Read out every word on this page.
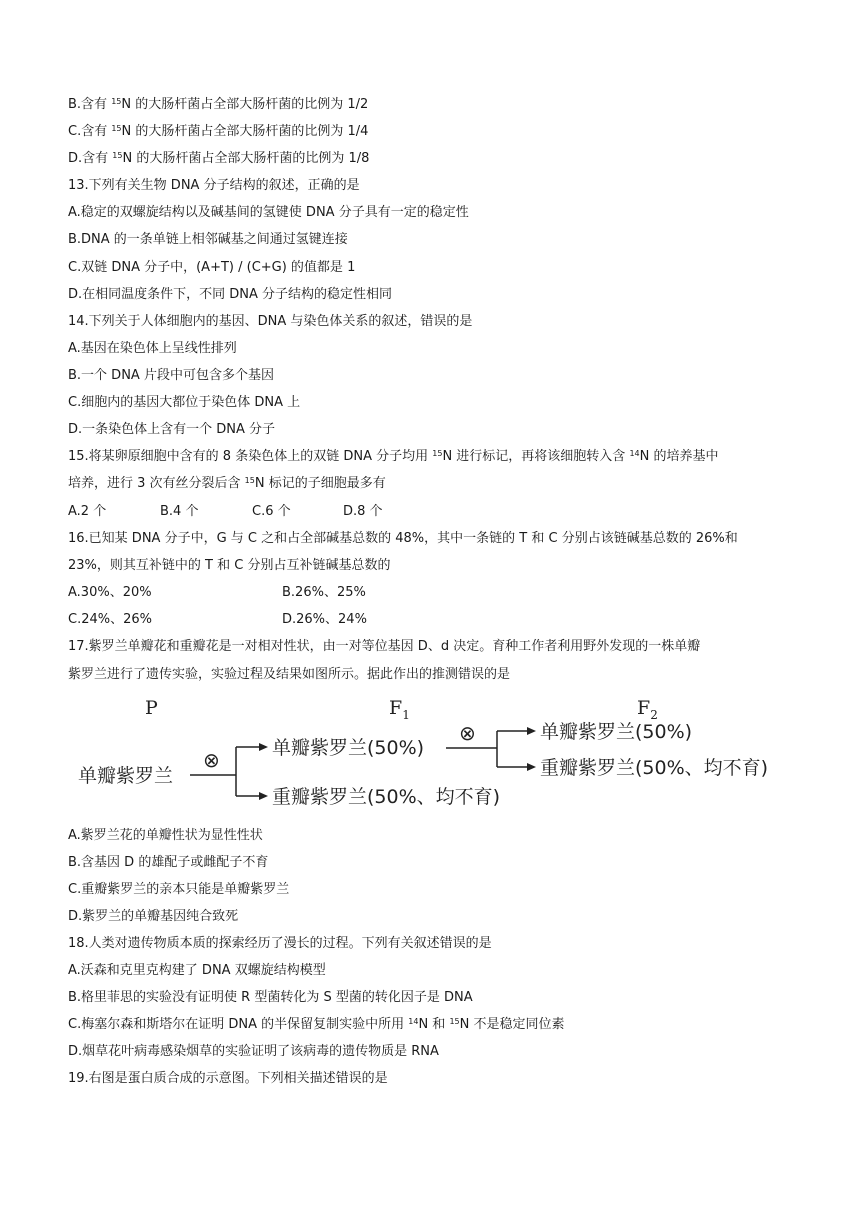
B.含有 $^{15}$N 的大肠杆菌占全部大肠杆菌的比例为 1/2
C.含有 $^{15}$N 的大肠杆菌占全部大肠杆菌的比例为 1/4
D.含有 $^{15}$N 的大肠杆菌占全部大肠杆菌的比例为 1/8
13.下列有关生物 DNA 分子结构的叙述，正确的是
A.稳定的双螺旋结构以及碱基间的氢键使 DNA 分子具有一定的稳定性
B.DNA 的一条单链上相邻碱基之间通过氢键连接
C.双链 DNA 分子中，(A+T) / (C+G) 的值都是 1
D.在相同温度条件下，不同 DNA 分子结构的稳定性相同
14.下列关于人体细胞内的基因、DNA 与染色体关系的叙述，错误的是
A.基因在染色体上呈线性排列
B.一个 DNA 片段中可包含多个基因
C.细胞内的基因大都位于染色体 DNA 上
D.一条染色体上含有一个 DNA 分子
15.将某卵原细胞中含有的 8 条染色体上的双链 DNA 分子均用 $^{15}$N 进行标记，再将该细胞转入含 $^{14}$N 的培养基中
培养，进行 3 次有丝分裂后含 $^{15}$N 标记的子细胞最多有
A.2 个	B.4 个	C.6 个	D.8 个
16.已知某 DNA 分子中，G 与 C 之和占全部碱基总数的 48%，其中一条链的 T 和 C 分别占该链碱基总数的 26%和
23%，则其互补链中的 T 和 C 分别占互补链碱基总数的
A.30%、20%	B.26%、25%
C.24%、26%	D.26%、24%
17.紫罗兰单瓣花和重瓣花是一对相对性状，由一对等位基因 D、d 决定。育种工作者利用野外发现的一株单瓣
紫罗兰进行了遗传实验，实验过程及结果如图所示。据此作出的推测错误的是
P	$F_1$	$F_2$
单瓣紫罗兰
⊗	单瓣紫罗兰(50%)
重瓣紫罗兰(50%、均不育)
⊗	单瓣紫罗兰(50%)
重瓣紫罗兰(50%、均不育)
A.紫罗兰花的单瓣性状为显性性状
B.含基因 D 的雄配子或雌配子不育
C.重瓣紫罗兰的亲本只能是单瓣紫罗兰
D.紫罗兰的单瓣基因纯合致死
18.人类对遗传物质本质的探索经历了漫长的过程。下列有关叙述错误的是
A.沃森和克里克构建了 DNA 双螺旋结构模型
B.格里菲思的实验没有证明使 R 型菌转化为 S 型菌的转化因子是 DNA
C.梅塞尔森和斯塔尔在证明 DNA 的半保留复制实验中所用 $^{14}$N 和 $^{15}$N 不是稳定同位素
D.烟草花叶病毒感染烟草的实验证明了该病毒的遗传物质是 RNA
19.右图是蛋白质合成的示意图。下列相关描述错误的是
